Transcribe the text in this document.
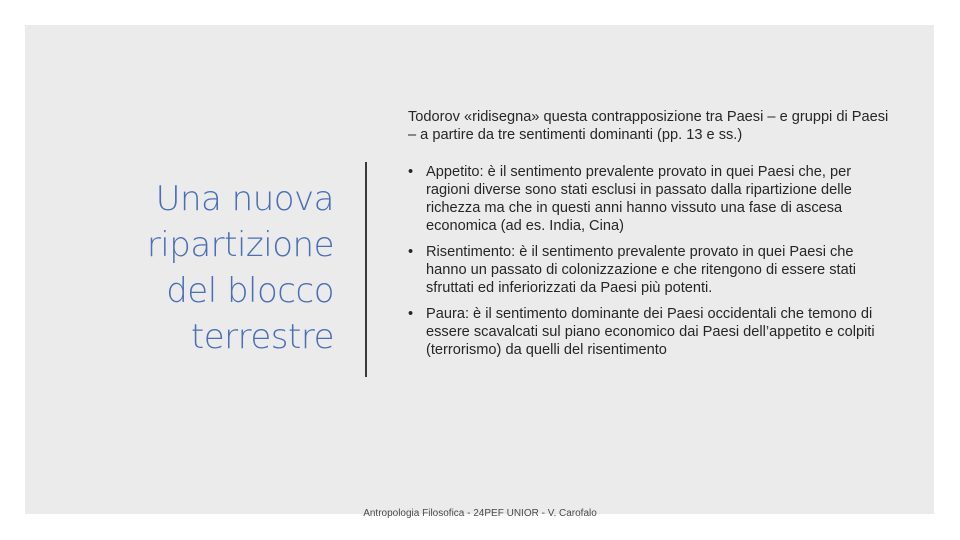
Una nuova
ripartizione
del blocco
terrestre

Todorov «ridisegna» questa contrapposizione tra Paesi – e gruppi di Paesi – a partire da tre sentimenti dominanti (pp. 13 e ss.)

• Appetito: è il sentimento prevalente provato in quei Paesi che, per ragioni diverse sono stati esclusi in passato dalla ripartizione delle richezza ma che in questi anni hanno vissuto una fase di ascesa economica (ad es. India, Cina)
• Risentimento: è il sentimento prevalente provato in quei Paesi che hanno un passato di colonizzazione e che ritengono di essere stati sfruttati ed inferiorizzati da Paesi più potenti.
• Paura: è il sentimento dominante dei Paesi occidentali che temono di essere scavalcati sul piano economico dai Paesi dell’appetito e colpiti (terrorismo) da quelli del risentimento
Antropologia Filosofica - 24PEF UNIOR - V. Carofalo
